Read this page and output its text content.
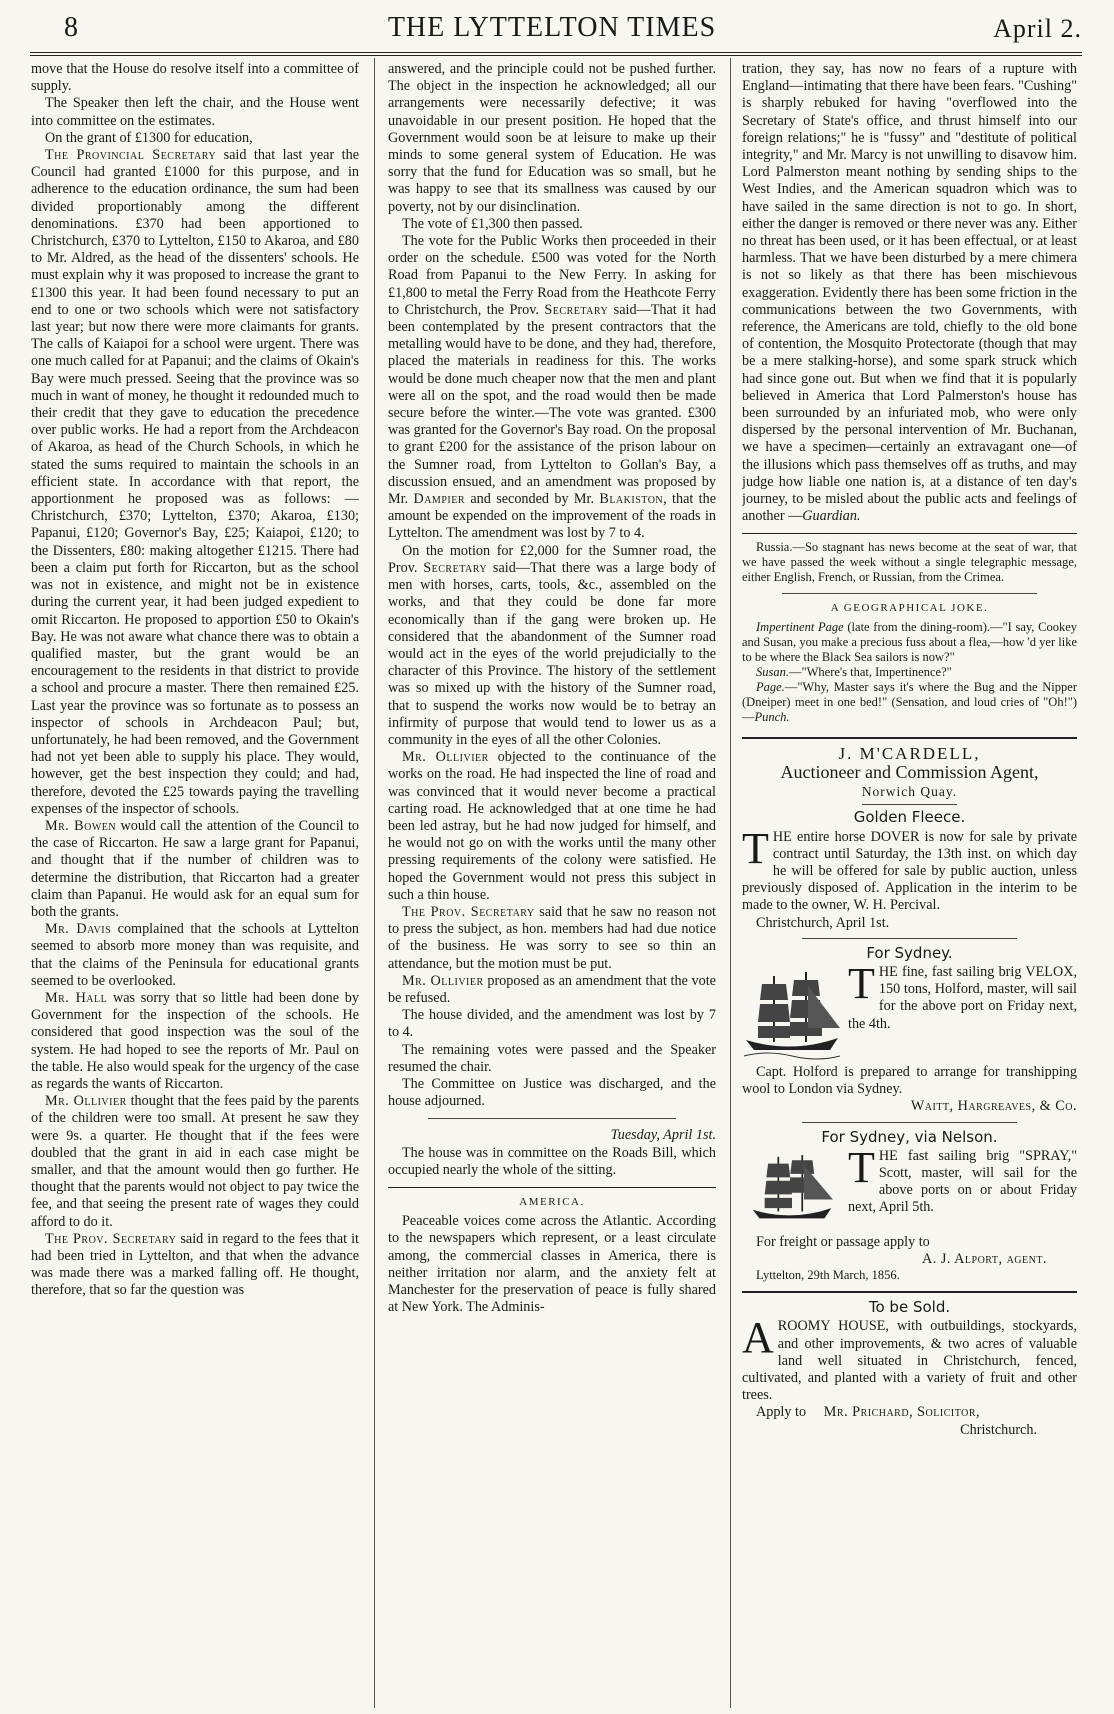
8	THE LYTTELTON TIMES	April 2.

move that the House do resolve itself into a committee of supply.

The Speaker then left the chair, and the House went into committee on the estimates.

On the grant of £1300 for education,

The Provincial Secretary said that last year the Council had granted £1000 for this purpose, and in adherence to the education ordinance, the sum had been divided proportionably among the different denominations. £370 had been apportioned to Christchurch, £370 to Lyttelton, £150 to Akaroa, and £80 to Mr. Aldred, as the head of the dissenters' schools. He must explain why it was proposed to increase the grant to £1300 this year. It had been found necessary to put an end to one or two schools which were not satisfactory last year; but now there were more claimants for grants. The calls of Kaiapoi for a school were urgent. There was one much called for at Papanui; and the claims of Okain's Bay were much pressed. Seeing that the province was so much in want of money, he thought it redounded much to their credit that they gave to education the precedence over public works. He had a report from the Archdeacon of Akaroa, as head of the Church Schools, in which he stated the sums required to maintain the schools in an efficient state. In accordance with that report, the apportionment he proposed was as follows: —Christchurch, £370; Lyttelton, £370; Akaroa, £130; Papanui, £120; Governor's Bay, £25; Kaiapoi, £120; to the Dissenters, £80: making altogether £1215. There had been a claim put forth for Riccarton, but as the school was not in existence, and might not be in existence during the current year, it had been judged expedient to omit Riccarton. He proposed to apportion £50 to Okain's Bay. He was not aware what chance there was to obtain a qualified master, but the grant would be an encouragement to the residents in that district to provide a school and procure a master. There then remained £25. Last year the province was so fortunate as to possess an inspector of schools in Archdeacon Paul; but, unfortunately, he had been removed, and the Government had not yet been able to supply his place. They would, however, get the best inspection they could; and had, therefore, devoted the £25 towards paying the travelling expenses of the inspector of schools.

Mr. Bowen would call the attention of the Council to the case of Riccarton. He saw a large grant for Papanui, and thought that if the number of children was to determine the distribution, that Riccarton had a greater claim than Papanui. He would ask for an equal sum for both the grants.

Mr. Davis complained that the schools at Lyttelton seemed to absorb more money than was requisite, and that the claims of the Peninsula for educational grants seemed to be overlooked.

Mr. Hall was sorry that so little had been done by Government for the inspection of the schools. He considered that good inspection was the soul of the system. He had hoped to see the reports of Mr. Paul on the table. He also would speak for the urgency of the case as regards the wants of Riccarton.

Mr. Ollivier thought that the fees paid by the parents of the children were too small. At present he saw they were 9s. a quarter. He thought that if the fees were doubled that the grant in aid in each case might be smaller, and that the amount would then go further. He thought that the parents would not object to pay twice the fee, and that seeing the present rate of wages they could afford to do it.

The Prov. Secretary said in regard to the fees that it had been tried in Lyttelton, and that when the advance was made there was a marked falling off. He thought, therefore, that so far the question was

answered, and the principle could not be pushed further. The object in the inspection he acknowledged; all our arrangements were necessarily defective; it was unavoidable in our present position. He hoped that the Government would soon be at leisure to make up their minds to some general system of Education. He was sorry that the fund for Education was so small, but he was happy to see that its smallness was caused by our poverty, not by our disinclination.

The vote of £1,300 then passed.

The vote for the Public Works then proceeded in their order on the schedule. £500 was voted for the North Road from Papanui to the New Ferry. In asking for £1,800 to metal the Ferry Road from the Heathcote Ferry to Christchurch, the Prov. Secretary said—That it had been contemplated by the present contractors that the metalling would have to be done, and they had, therefore, placed the materials in readiness for this. The works would be done much cheaper now that the men and plant were all on the spot, and the road would then be made secure before the winter.—The vote was granted. £300 was granted for the Governor's Bay road. On the proposal to grant £200 for the assistance of the prison labour on the Sumner road, from Lyttelton to Gollan's Bay, a discussion ensued, and an amendment was proposed by Mr. Dampier and seconded by Mr. Blakiston, that the amount be expended on the improvement of the roads in Lyttelton. The amendment was lost by 7 to 4.

On the motion for £2,000 for the Sumner road, the Prov. Secretary said—That there was a large body of men with horses, carts, tools, &c., assembled on the works, and that they could be done far more economically than if the gang were broken up. He considered that the abandonment of the Sumner road would act in the eyes of the world prejudicially to the character of this Province. The history of the settlement was so mixed up with the history of the Sumner road, that to suspend the works now would be to betray an infirmity of purpose that would tend to lower us as a community in the eyes of all the other Colonies.

Mr. Ollivier objected to the continuance of the works on the road. He had inspected the line of road and was convinced that it would never become a practical carting road. He acknowledged that at one time he had been led astray, but he had now judged for himself, and he would not go on with the works until the many other pressing requirements of the colony were satisfied. He hoped the Government would not press this subject in such a thin house.

The Prov. Secretary said that he saw no reason not to press the subject, as hon. members had had due notice of the business. He was sorry to see so thin an attendance, but the motion must be put.

Mr. Ollivier proposed as an amendment that the vote be refused.

The house divided, and the amendment was lost by 7 to 4.

The remaining votes were passed and the Speaker resumed the chair.

The Committee on Justice was discharged, and the house adjourned.

Tuesday, April 1st.

The house was in committee on the Roads Bill, which occupied nearly the whole of the sitting.

AMERICA.

Peaceable voices come across the Atlantic. According to the newspapers which represent, or a least circulate among, the commercial classes in America, there is neither irritation nor alarm, and the anxiety felt at Manchester for the preservation of peace is fully shared at New York. The Adminis-

tration, they say, has now no fears of a rupture with England—intimating that there have been fears. "Cushing" is sharply rebuked for having "overflowed into the Secretary of State's office, and thrust himself into our foreign relations;" he is "fussy" and "destitute of political integrity," and Mr. Marcy is not unwilling to disavow him. Lord Palmerston meant nothing by sending ships to the West Indies, and the American squadron which was to have sailed in the same direction is not to go. In short, either the danger is removed or there never was any. Either no threat has been used, or it has been effectual, or at least harmless. That we have been disturbed by a mere chimera is not so likely as that there has been mischievous exaggeration. Evidently there has been some friction in the communications between the two Governments, with reference, the Americans are told, chiefly to the old bone of contention, the Mosquito Protectorate (though that may be a mere stalking-horse), and some spark struck which had since gone out. But when we find that it is popularly believed in America that Lord Palmerston's house has been surrounded by an infuriated mob, who were only dispersed by the personal intervention of Mr. Buchanan, we have a specimen—certainly an extravagant one—of the illusions which pass themselves off as truths, and may judge how liable one nation is, at a distance of ten day's journey, to be misled about the public acts and feelings of another —Guardian.

Russia.—So stagnant has news become at the seat of war, that we have passed the week without a single telegraphic message, either English, French, or Russian, from the Crimea.

A GEOGRAPHICAL JOKE.

Impertinent Page (late from the dining-room).—"I say, Cookey and Susan, you make a precious fuss about a flea,—how 'd yer like to be where the Black Sea sailors is now?"

Susan.—"Where's that, Impertinence?"

Page.—"Why, Master says it's where the Bug and the Nipper (Dneiper) meet in one bed!" (Sensation, and loud cries of "Oh!")—Punch.

J. M'CARDELL,
Auctioneer and Commission Agent,
Norwich Quay.
Golden Fleece.

THE entire horse DOVER is now for sale by private contract until Saturday, the 13th inst. on which day he will be offered for sale by public auction, unless previously disposed of. Application in the interim to be made to the owner, W. H. Percival.

Christchurch, April 1st.

For Sydney.

THE fine, fast sailing brig VELOX, 150 tons, Holford, master, will sail for the above port on Friday next, the 4th.

Capt. Holford is prepared to arrange for transhipping wool to London via Sydney.

Waitt, Hargreaves, & Co.
For Sydney, via Nelson.

THE fast sailing brig "SPRAY," Scott, master, will sail for the above ports on or about Friday next, April 5th.

For freight or passage apply to

A. J. Alport, agent.

Lyttelton, 29th March, 1856.

To be Sold.

AROOMY HOUSE, with outbuildings, stockyards, and other improvements, & two acres of valuable land well situated in Christchurch, fenced, cultivated, and planted with a variety of fruit and other trees.

Apply to Mr. Prichard, Solicitor,

Christchurch.
